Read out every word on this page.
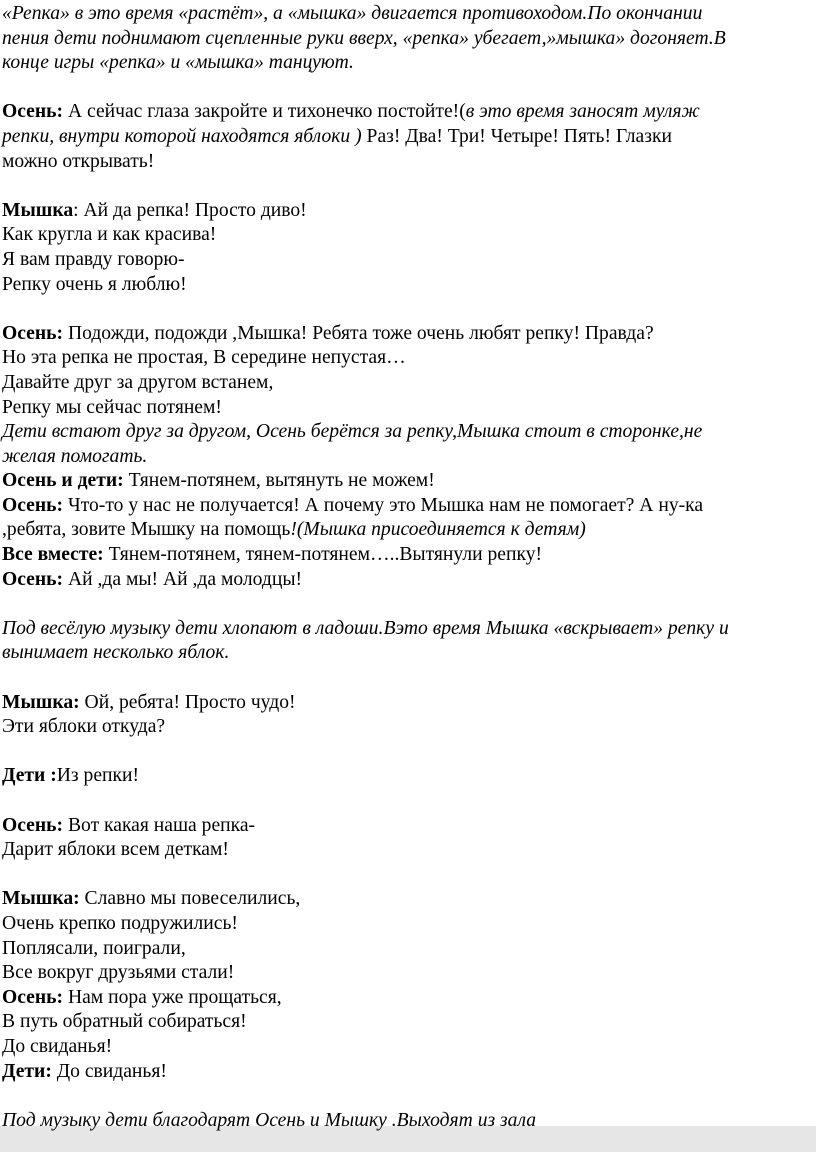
«Репка» в это время «растёт», а «мышка» двигается противоходом.По окончании
пения дети поднимают сцепленные руки вверх, «репка» убегает,»мышка» догоняет.В
конце игры «репка» и «мышка» танцуют.

Осень: А сейчас глаза закройте и тихонечко постойте!(в это время заносят муляж
репки, внутри которой находятся яблоки ) Раз! Два! Три! Четыре! Пять! Глазки
можно открывать!

Мышка: Ай да репка! Просто диво!
Как кругла и как красива!
Я вам правду говорю-
Репку очень я люблю!

Осень: Подожди, подожди ,Мышка! Ребята тоже очень любят репку! Правда?
Но эта репка не простая, В середине непустая…
Давайте друг за другом встанем,
Репку мы сейчас потянем!
Дети встают друг за другом, Осень берётся за репку,Мышка стоит в сторонке,не
желая помогать.
Осень и дети: Тянем-потянем, вытянуть не можем!
Осень: Что-то у нас не получается! А почему это Мышка нам не помогает? А ну-ка
,ребята, зовите Мышку на помощь!(Мышка присоединяется к детям)
Все вместе: Тянем-потянем, тянем-потянем…..Вытянули репку!
Осень: Ай ,да мы! Ай ,да молодцы!

Под весёлую музыку дети хлопают в ладоши.Вэто время Мышка «вскрывает» репку и
вынимает несколько яблок.

Мышка: Ой, ребята! Просто чудо!
Эти яблоки откуда?

Дети :Из репки!

Осень: Вот какая наша репка-
Дарит яблоки всем деткам!

Мышка: Славно мы повеселились,
Очень крепко подружились!
Поплясали, поиграли,
Все вокруг друзьями стали!
Осень: Нам пора уже прощаться,
В путь обратный собираться!
До свиданья!
Дети: До свиданья!

Под музыку дети благодарят Осень и Мышку .Выходят из зала
